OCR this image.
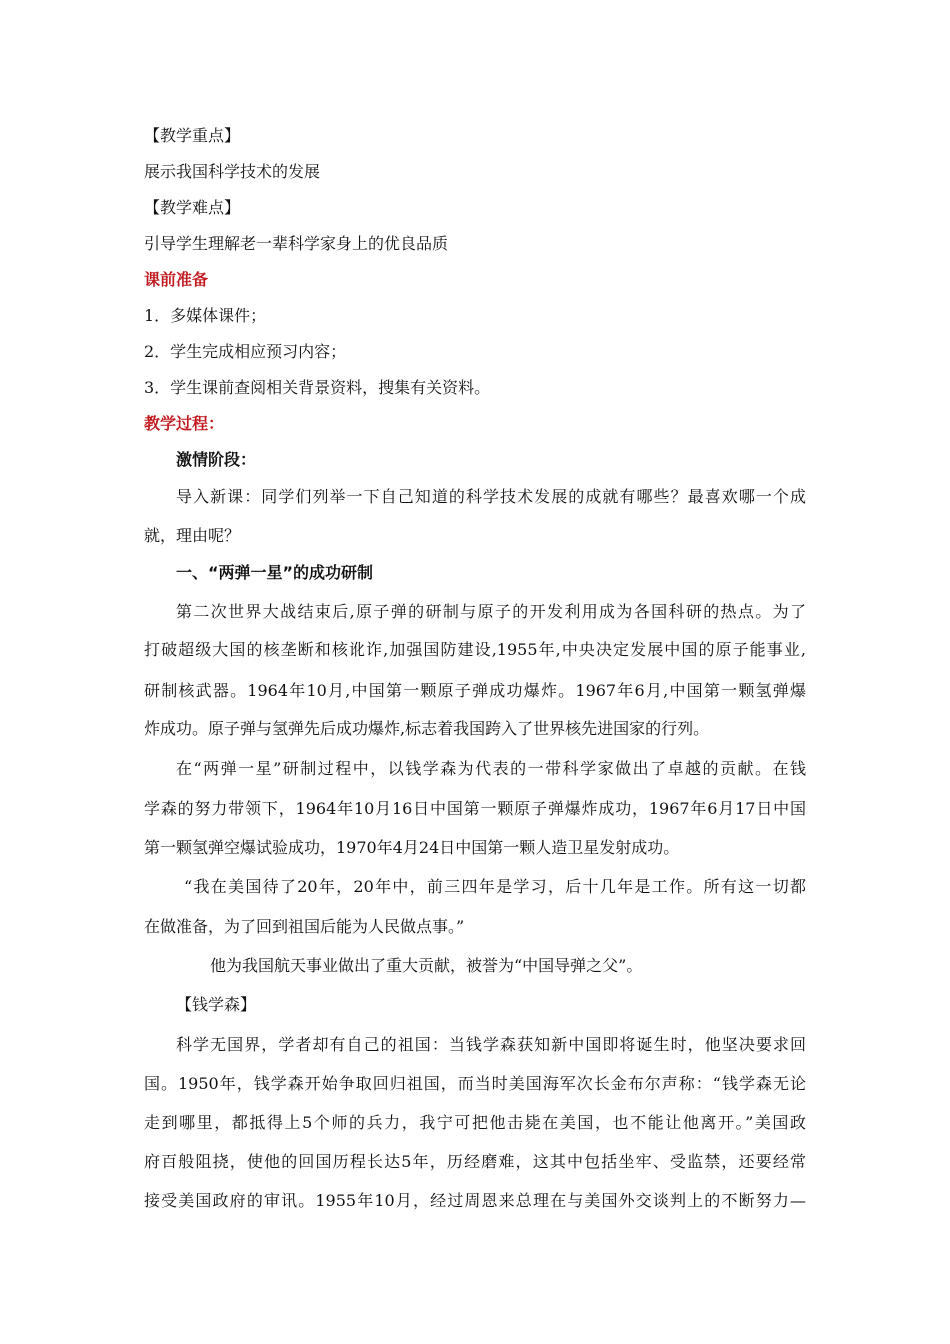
【教学重点】
展示我国科学技术的发展
【教学难点】
引导学生理解老一辈科学家身上的优良品质
课前准备
1．多媒体课件；
2．学生完成相应预习内容；
3．学生课前查阅相关背景资料，搜集有关资料。
教学过程：
激情阶段：
导入新课：同学们列举一下自己知道的科学技术发展的成就有哪些？最喜欢哪一个成
就，理由呢？
一、“两弹一星”的成功研制
第二次世界大战结束后,原子弹的研制与原子的开发利用成为各国科研的热点。为了
打破超级大国的核垄断和核讹诈,加强国防建设,1955年,中央决定发展中国的原子能事业,
研制核武器。1964年10月,中国第一颗原子弹成功爆炸。1967年6月,中国第一颗氢弹爆
炸成功。原子弹与氢弹先后成功爆炸,标志着我国跨入了世界核先进国家的行列。
在“两弹一星”研制过程中，以钱学森为代表的一带科学家做出了卓越的贡献。在钱
学森的努力带领下，1964年10月16日中国第一颗原子弹爆炸成功，1967年6月17日中国
第一颗氢弹空爆试验成功，1970年4月24日中国第一颗人造卫星发射成功。
“我在美国待了20年，20年中，前三四年是学习，后十几年是工作。所有这一切都
在做准备，为了回到祖国后能为人民做点事。”
他为我国航天事业做出了重大贡献，被誉为“中国导弹之父”。
【钱学森】
科学无国界，学者却有自己的祖国：当钱学森获知新中国即将诞生时，他坚决要求回
国。1950年，钱学森开始争取回归祖国，而当时美国海军次长金布尔声称：“钱学森无论
走到哪里，都抵得上5个师的兵力，我宁可把他击毙在美国，也不能让他离开。”美国政
府百般阻挠，使他的回国历程长达5年，历经磨难，这其中包括坐牢、受监禁，还要经常
接受美国政府的审讯。1955年10月，经过周恩来总理在与美国外交谈判上的不断努力—
